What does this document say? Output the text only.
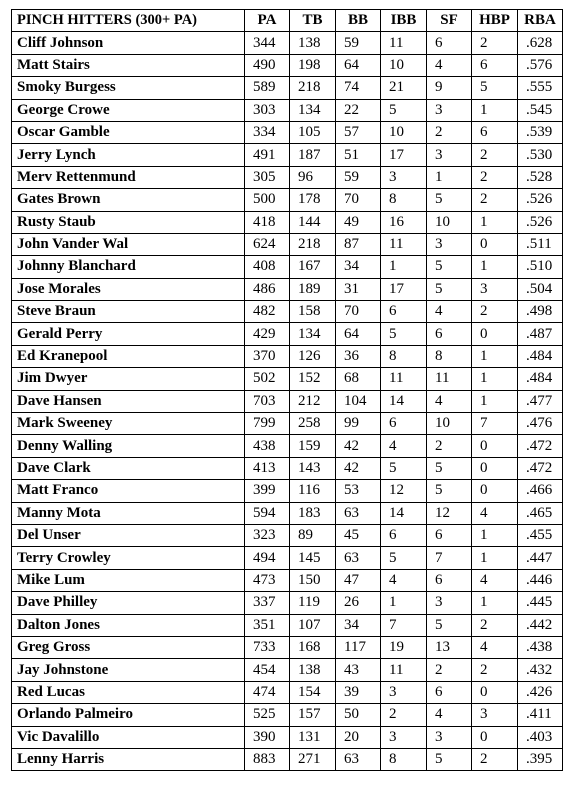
PINCH HITTERS (300+ PA)	PA	TB	BB	IBB	SF	HBP	RBA
Cliff Johnson	344	138	59	11	6	2	.628
Matt Stairs	490	198	64	10	4	6	.576
Smoky Burgess	589	218	74	21	9	5	.555
George Crowe	303	134	22	5	3	1	.545
Oscar Gamble	334	105	57	10	2	6	.539
Jerry Lynch	491	187	51	17	3	2	.530
Merv Rettenmund	305	96	59	3	1	2	.528
Gates Brown	500	178	70	8	5	2	.526
Rusty Staub	418	144	49	16	10	1	.526
John Vander Wal	624	218	87	11	3	0	.511
Johnny Blanchard	408	167	34	1	5	1	.510
Jose Morales	486	189	31	17	5	3	.504
Steve Braun	482	158	70	6	4	2	.498
Gerald Perry	429	134	64	5	6	0	.487
Ed Kranepool	370	126	36	8	8	1	.484
Jim Dwyer	502	152	68	11	11	1	.484
Dave Hansen	703	212	104	14	4	1	.477
Mark Sweeney	799	258	99	6	10	7	.476
Denny Walling	438	159	42	4	2	0	.472
Dave Clark	413	143	42	5	5	0	.472
Matt Franco	399	116	53	12	5	0	.466
Manny Mota	594	183	63	14	12	4	.465
Del Unser	323	89	45	6	6	1	.455
Terry Crowley	494	145	63	5	7	1	.447
Mike Lum	473	150	47	4	6	4	.446
Dave Philley	337	119	26	1	3	1	.445
Dalton Jones	351	107	34	7	5	2	.442
Greg Gross	733	168	117	19	13	4	.438
Jay Johnstone	454	138	43	11	2	2	.432
Red Lucas	474	154	39	3	6	0	.426
Orlando Palmeiro	525	157	50	2	4	3	.411
Vic Davalillo	390	131	20	3	3	0	.403
Lenny Harris	883	271	63	8	5	2	.395
